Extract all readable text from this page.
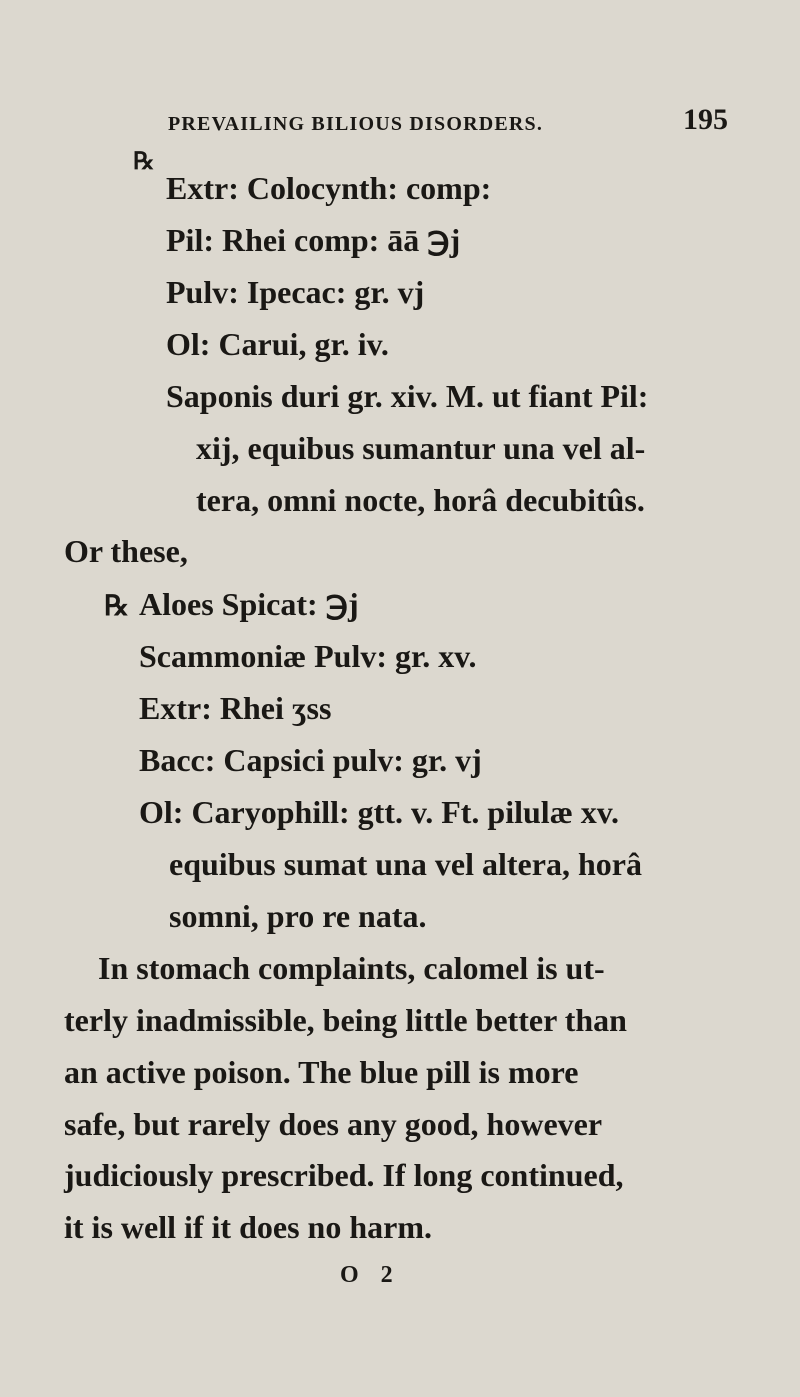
PREVAILING BILIOUS DISORDERS.	195
℞
Extr: Colocynth: comp:
Pil: Rhei comp: āā ℈j
Pulv: Ipecac: gr. vj
Ol: Carui, gr. iv.
Saponis duri gr. xiv. M. ut fiant Pil:
xij, equibus sumantur una vel al-
tera, omni nocte, horâ decubitûs.
Or these,
℞ Aloes Spicat: ℈j
Scammoniæ Pulv: gr. xv.
Extr: Rhei ʒss
Bacc: Capsici pulv: gr. vj
Ol: Caryophill: gtt. v. Ft. pilulæ xv.
equibus sumat una vel altera, horâ
somni, pro re nata.
In stomach complaints, calomel is ut-
terly inadmissible, being little better than
an active poison. The blue pill is more
safe, but rarely does any good, however
judiciously prescribed. If long continued,
it is well if it does no harm.
O 2
